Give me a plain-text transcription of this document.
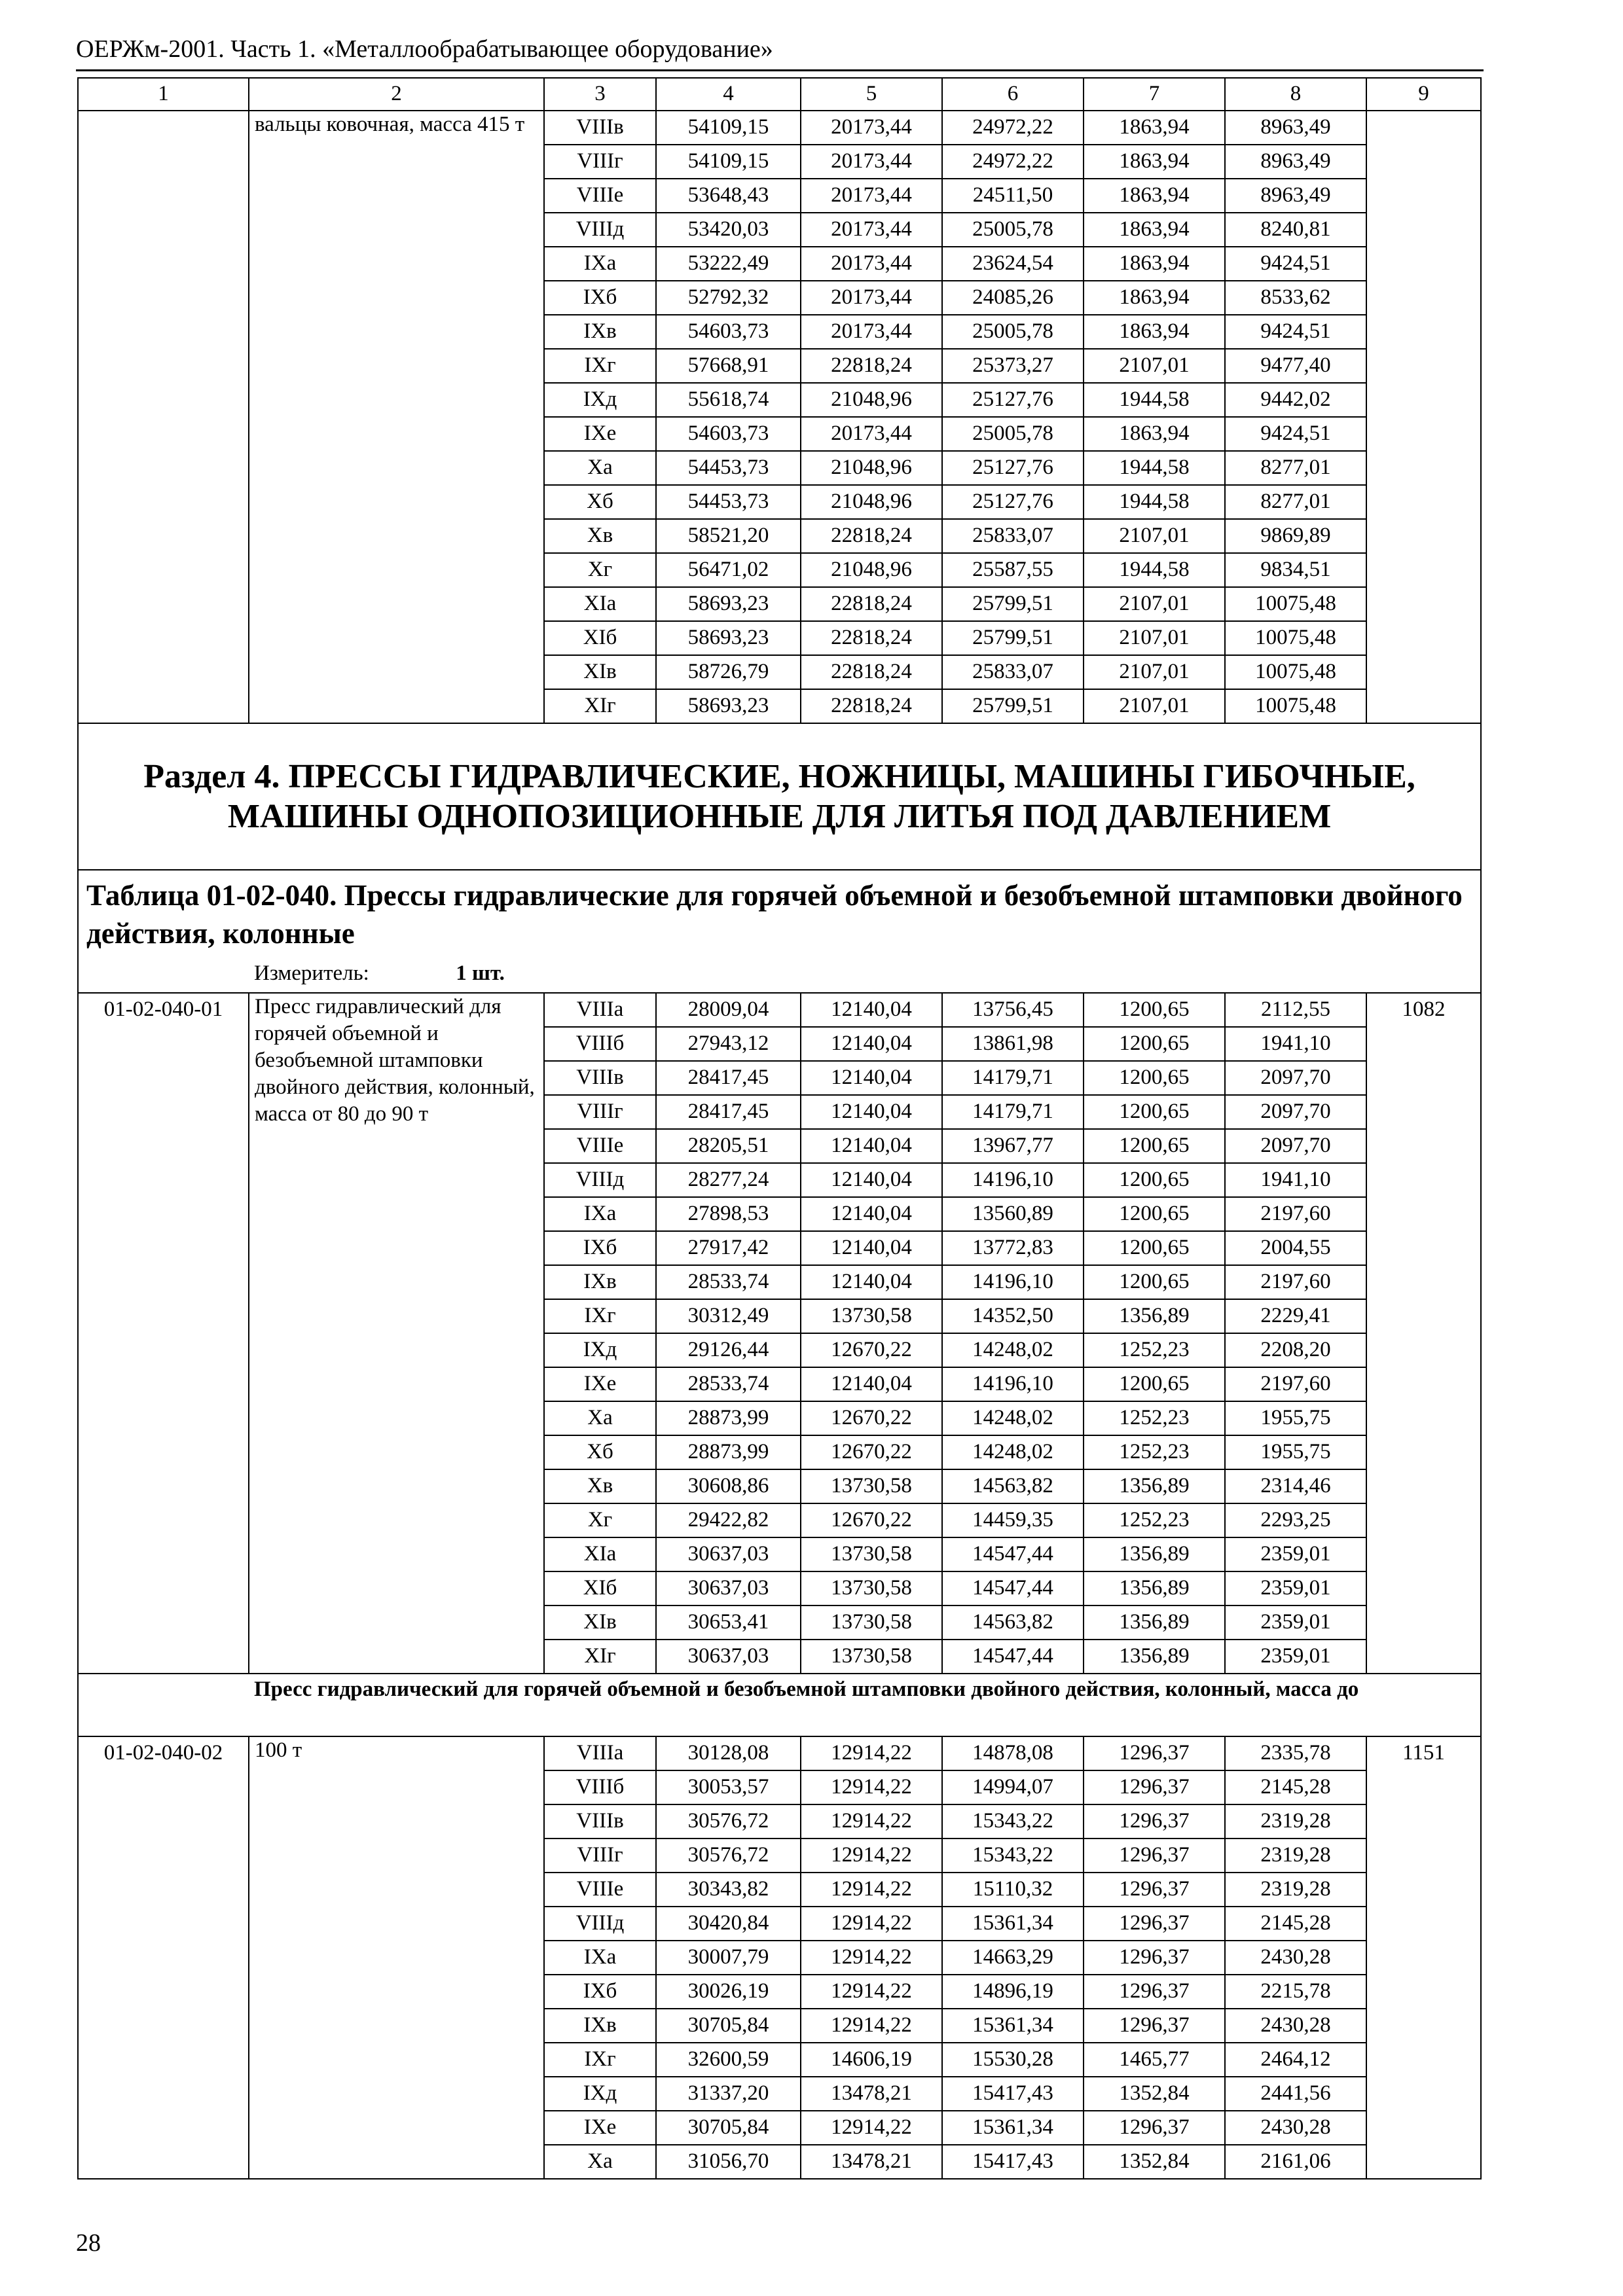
ОЕРЖм-2001. Часть 1. «Металлообрабатывающее оборудование»
1	2	3	4	5	6	7	8	9
	вальцы ковочная, масса 415 т	VIIIв	54109,15	20173,44	24972,22	1863,94	8963,49	
		VIIIг	54109,15	20173,44	24972,22	1863,94	8963,49	
		VIIIе	53648,43	20173,44	24511,50	1863,94	8963,49	
		VIIIд	53420,03	20173,44	25005,78	1863,94	8240,81	
		IXа	53222,49	20173,44	23624,54	1863,94	9424,51	
		IXб	52792,32	20173,44	24085,26	1863,94	8533,62	
		IXв	54603,73	20173,44	25005,78	1863,94	9424,51	
		IXг	57668,91	22818,24	25373,27	2107,01	9477,40	
		IXд	55618,74	21048,96	25127,76	1944,58	9442,02	
		IXе	54603,73	20173,44	25005,78	1863,94	9424,51	
		Xа	54453,73	21048,96	25127,76	1944,58	8277,01	
		Xб	54453,73	21048,96	25127,76	1944,58	8277,01	
		Xв	58521,20	22818,24	25833,07	2107,01	9869,89	
		Xг	56471,02	21048,96	25587,55	1944,58	9834,51	
		XIа	58693,23	22818,24	25799,51	2107,01	10075,48	
		XIб	58693,23	22818,24	25799,51	2107,01	10075,48	
		XIв	58726,79	22818,24	25833,07	2107,01	10075,48	
		XIг	58693,23	22818,24	25799,51	2107,01	10075,48	
Раздел 4. ПРЕССЫ ГИДРАВЛИЧЕСКИЕ, НОЖНИЦЫ, МАШИНЫ ГИБОЧНЫЕ, МАШИНЫ ОДНОПОЗИЦИОННЫЕ ДЛЯ ЛИТЬЯ ПОД ДАВЛЕНИЕМ								

Таблица 01-02-040. Прессы гидравлические для горячей объемной и безобъемной штамповки двойного действия, колонные
Измеритель: 1 шт.								

01-02-040-01	Пресс гидравлический для горячей объемной и безобъемной штамповки двойного действия, колонный, масса от 80 до 90 т	VIIIа	28009,04	12140,04	13756,45	1200,65	2112,55	1082
		VIIIб	27943,12	12140,04	13861,98	1200,65	1941,10	
		VIIIв	28417,45	12140,04	14179,71	1200,65	2097,70	
		VIIIг	28417,45	12140,04	14179,71	1200,65	2097,70	
		VIIIе	28205,51	12140,04	13967,77	1200,65	2097,70	
		VIIIд	28277,24	12140,04	14196,10	1200,65	1941,10	
		IXа	27898,53	12140,04	13560,89	1200,65	2197,60	
		IXб	27917,42	12140,04	13772,83	1200,65	2004,55	
		IXв	28533,74	12140,04	14196,10	1200,65	2197,60	
		IXг	30312,49	13730,58	14352,50	1356,89	2229,41	
		IXд	29126,44	12670,22	14248,02	1252,23	2208,20	
		IXе	28533,74	12140,04	14196,10	1200,65	2197,60	
		Xа	28873,99	12670,22	14248,02	1252,23	1955,75	
		Xб	28873,99	12670,22	14248,02	1252,23	1955,75	
		Xв	30608,86	13730,58	14563,82	1356,89	2314,46	
		Xг	29422,82	12670,22	14459,35	1252,23	2293,25	
		XIа	30637,03	13730,58	14547,44	1356,89	2359,01	
		XIб	30637,03	13730,58	14547,44	1356,89	2359,01	
		XIв	30653,41	13730,58	14563,82	1356,89	2359,01	
		XIг	30637,03	13730,58	14547,44	1356,89	2359,01	
	Пресс гидравлический для горячей объемной и безобъемной штамповки двойного действия, колонный, масса до							
01-02-040-02	100 т	VIIIа	30128,08	12914,22	14878,08	1296,37	2335,78	1151
		VIIIб	30053,57	12914,22	14994,07	1296,37	2145,28	
		VIIIв	30576,72	12914,22	15343,22	1296,37	2319,28	
		VIIIг	30576,72	12914,22	15343,22	1296,37	2319,28	
		VIIIе	30343,82	12914,22	15110,32	1296,37	2319,28	
		VIIIд	30420,84	12914,22	15361,34	1296,37	2145,28	
		IXа	30007,79	12914,22	14663,29	1296,37	2430,28	
		IXб	30026,19	12914,22	14896,19	1296,37	2215,78	
		IXв	30705,84	12914,22	15361,34	1296,37	2430,28	
		IXг	32600,59	14606,19	15530,28	1465,77	2464,12	
		IXд	31337,20	13478,21	15417,43	1352,84	2441,56	
		IXе	30705,84	12914,22	15361,34	1296,37	2430,28	
		Xа	31056,70	13478,21	15417,43	1352,84	2161,06	
28
